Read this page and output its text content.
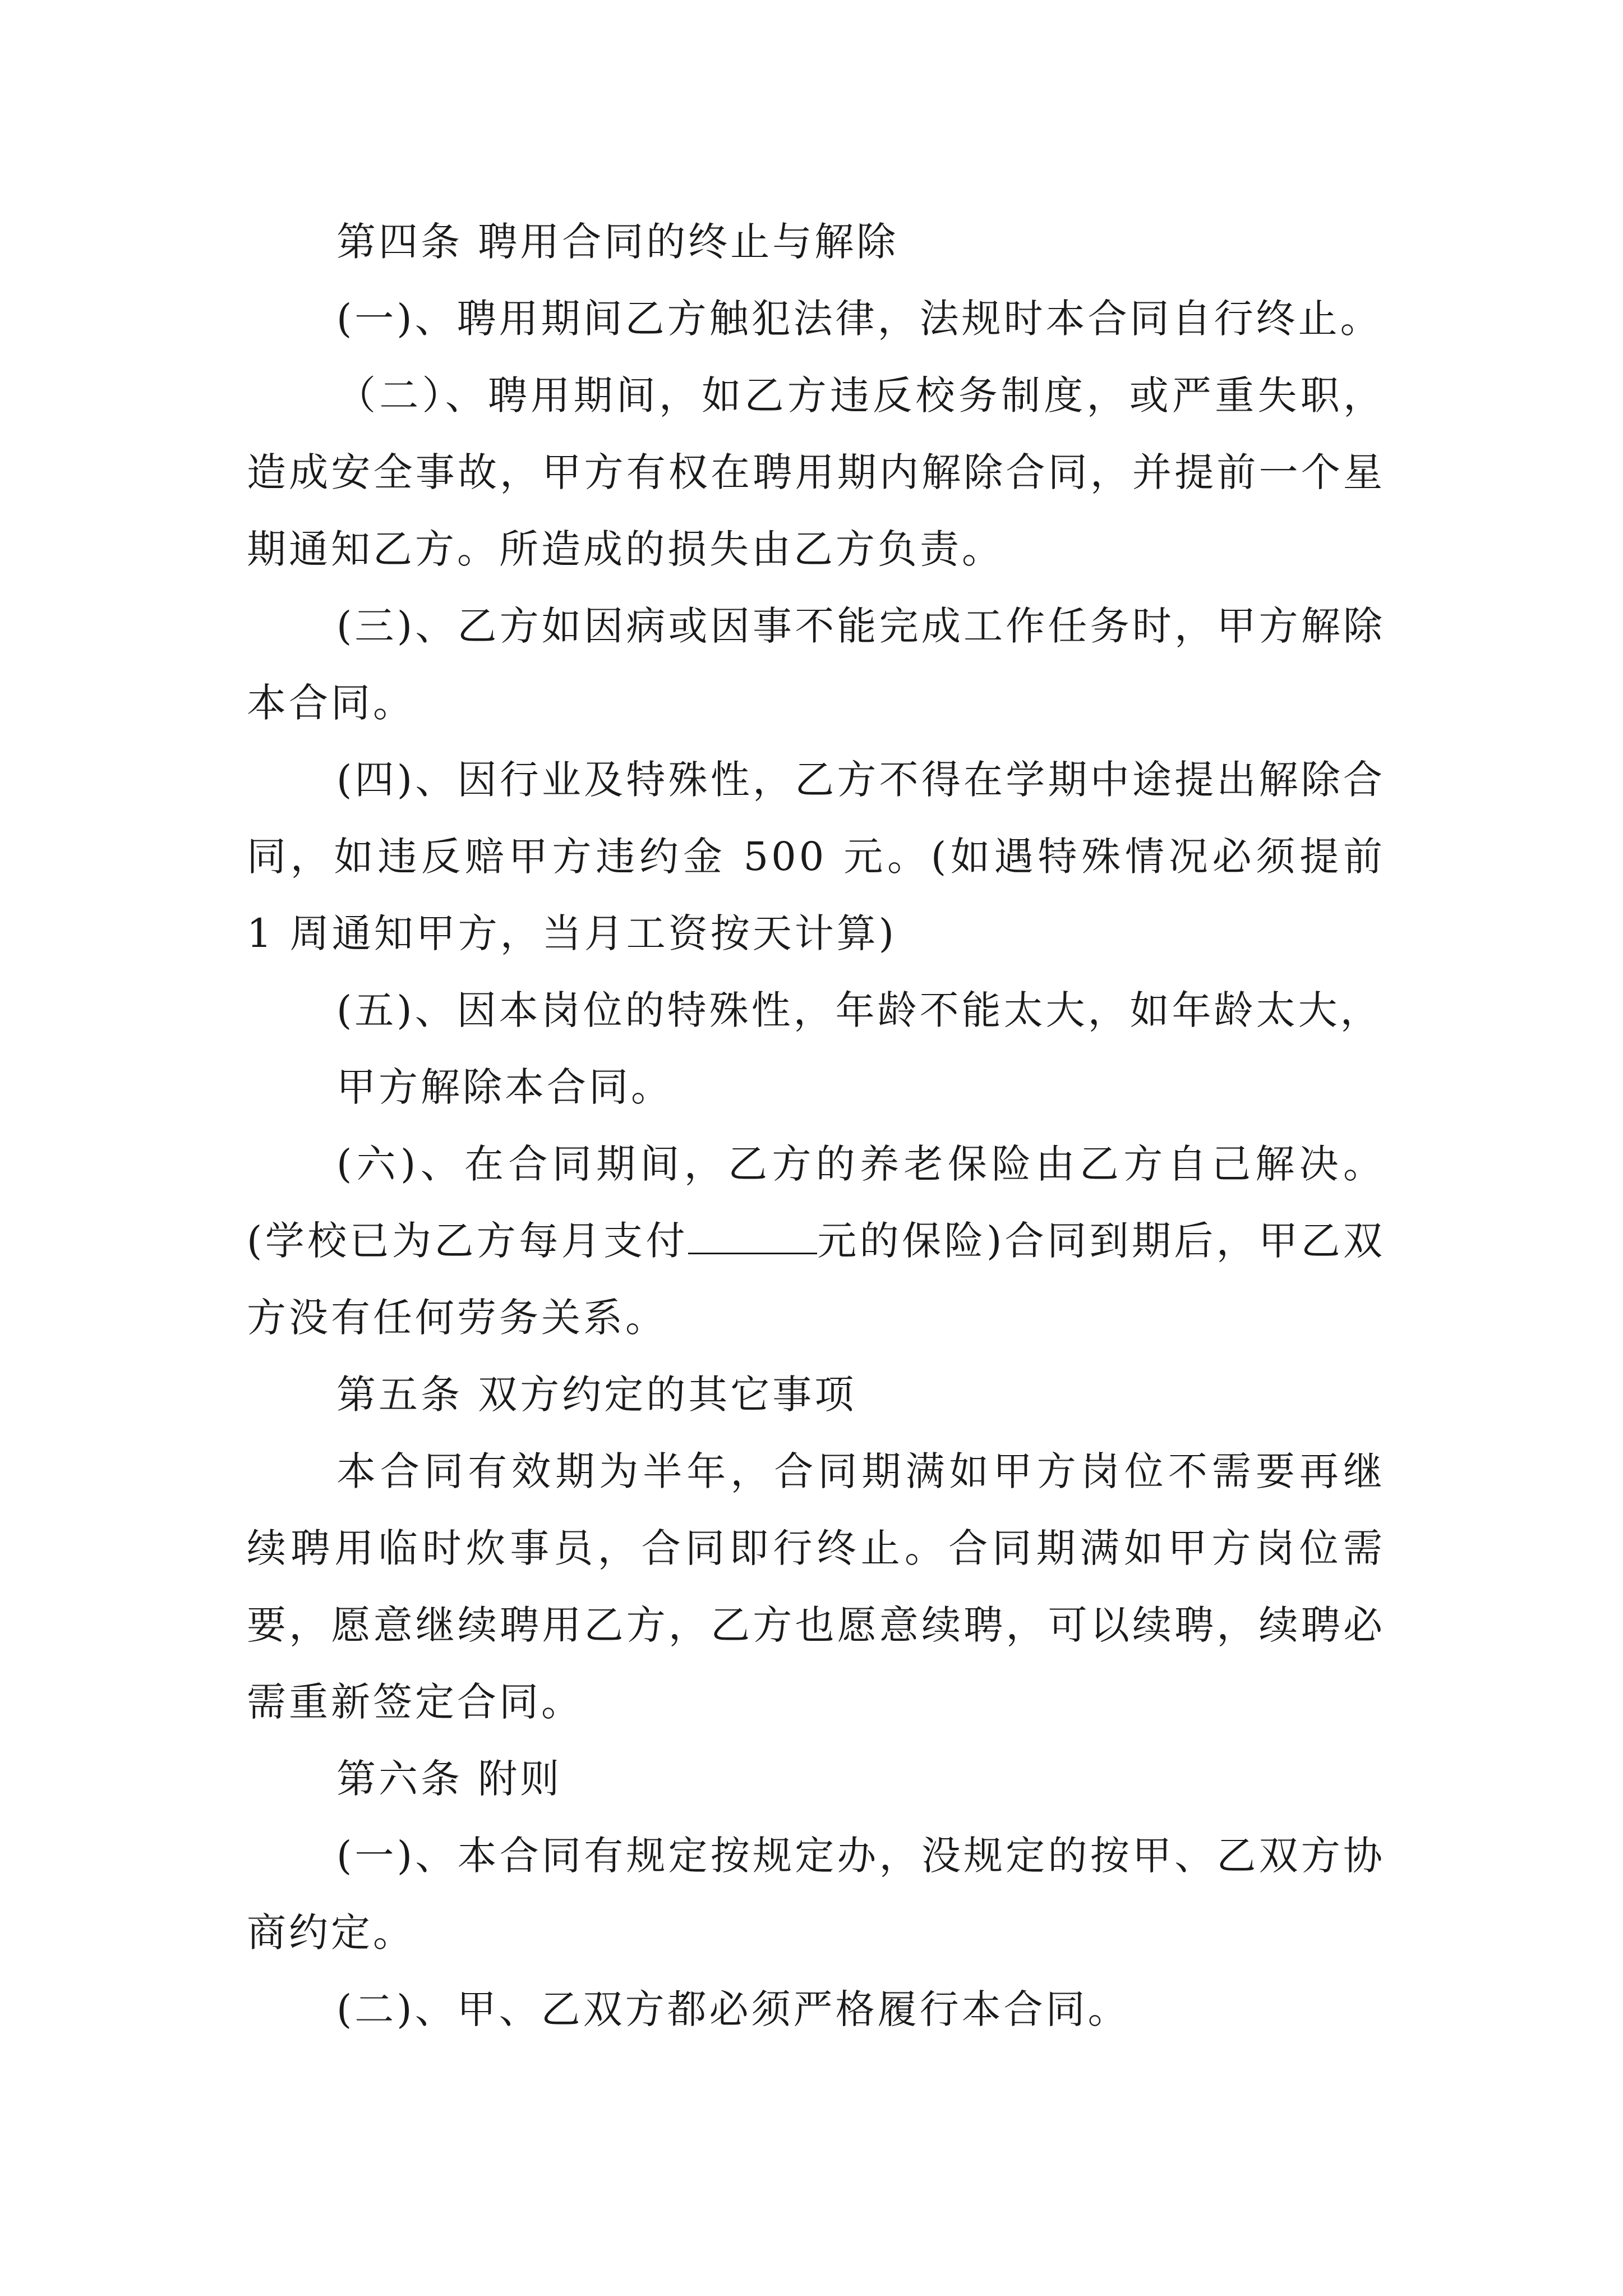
第四条 聘用合同的终止与解除

(一)、聘用期间乙方触犯法律，法规时本合同自行终止。

（二）、聘用期间，如乙方违反校务制度，或严重失职，造成安全事故，甲方有权在聘用期内解除合同，并提前一个星期通知乙方。所造成的损失由乙方负责。

(三)、乙方如因病或因事不能完成工作任务时，甲方解除本合同。

(四)、因行业及特殊性，乙方不得在学期中途提出解除合同，如违反赔甲方违约金 500 元。(如遇特殊情况必须提前 1 周通知甲方，当月工资按天计算)

(五)、因本岗位的特殊性，年龄不能太大，如年龄太大，

甲方解除本合同。

(六)、在合同期间，乙方的养老保险由乙方自己解决。(学校已为乙方每月支付	元的保险)合同到期后，甲乙双方没有任何劳务关系。

第五条 双方约定的其它事项

本合同有效期为半年，合同期满如甲方岗位不需要再继续聘用临时炊事员，合同即行终止。合同期满如甲方岗位需要，愿意继续聘用乙方，乙方也愿意续聘，可以续聘，续聘必需重新签定合同。

第六条 附则

(一)、本合同有规定按规定办，没规定的按甲、乙双方协商约定。

(二)、甲、乙双方都必须严格履行本合同。
